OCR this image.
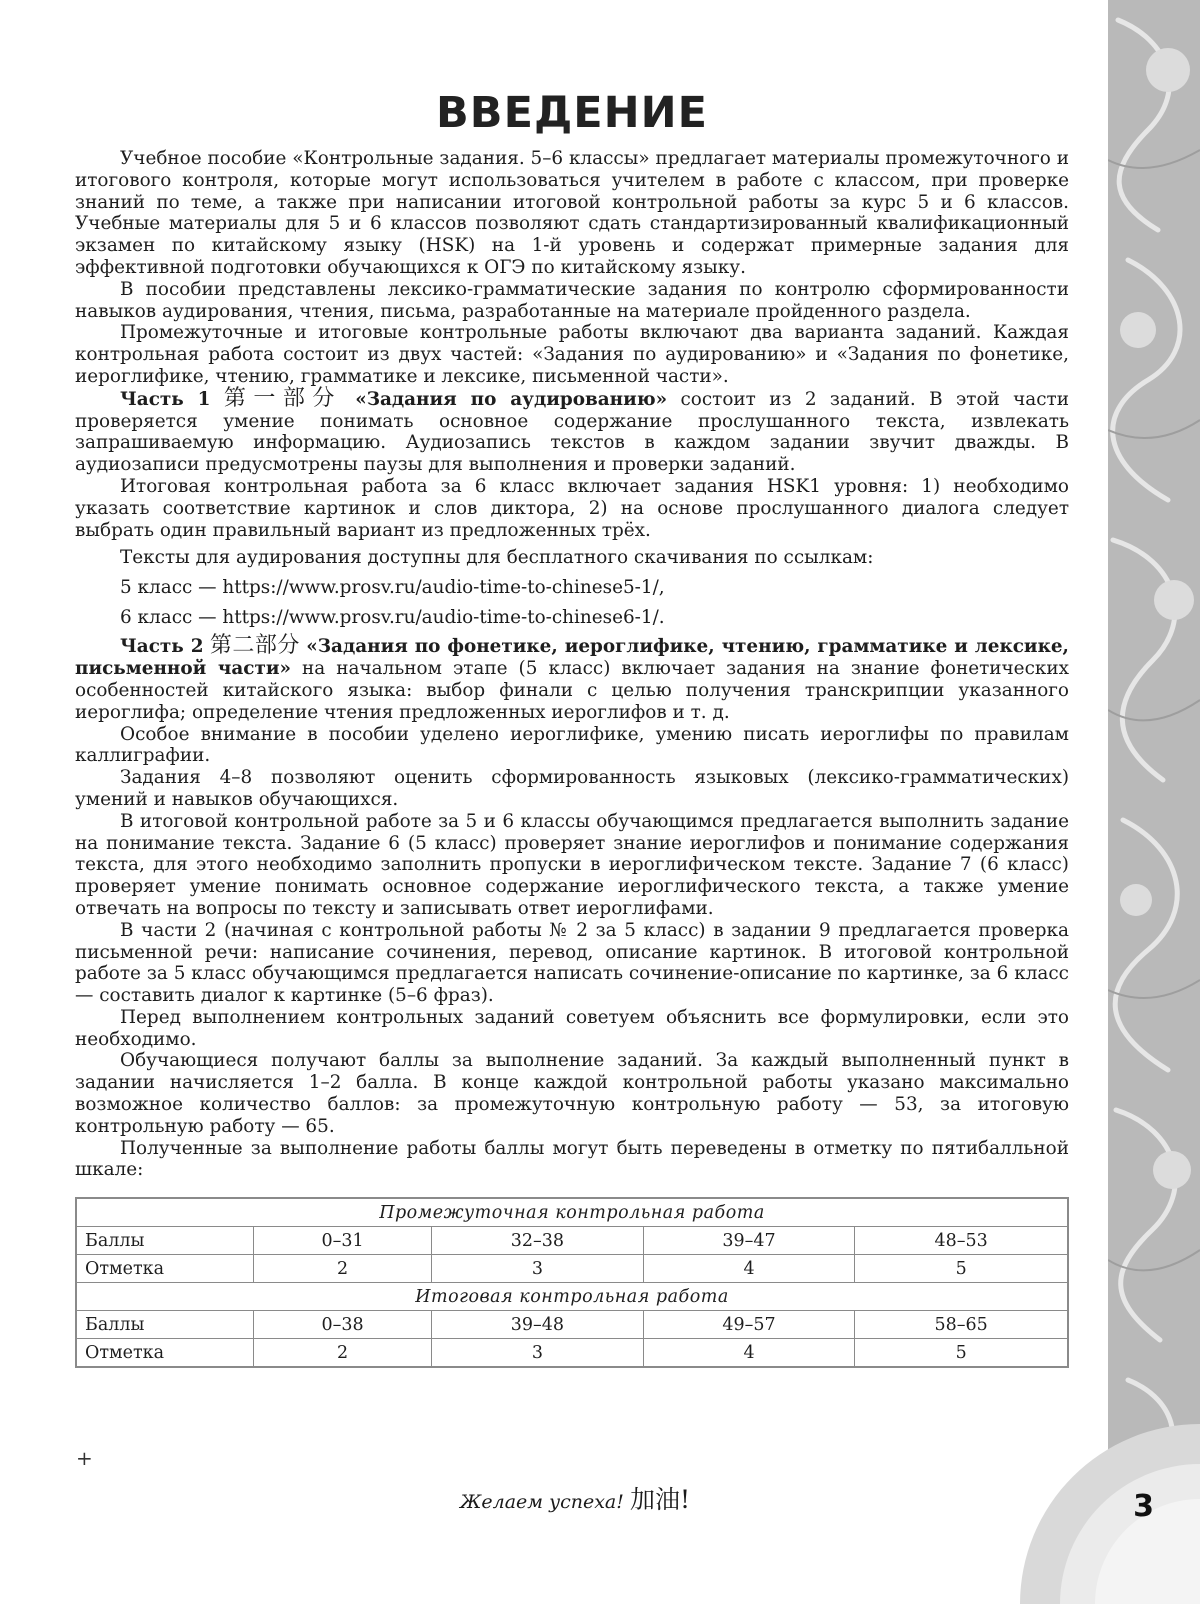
3
ВВЕДЕНИЕ

Учебное пособие «Контрольные задания. 5–6 классы» предлагает материалы промежуточного и итогового контроля, которые могут использоваться учителем в работе с классом, при проверке знаний по теме, а также при написании итоговой контрольной работы за курс 5 и 6 классов. Учебные материалы для 5 и 6 классов позволяют сдать стандартизированный квалификационный экзамен по китайскому языку (HSK) на 1-й уровень и содержат примерные задания для эффективной подготовки обучающихся к ОГЭ по китайскому языку.

В пособии представлены лексико-грамматические задания по контролю сформированности навыков аудирования, чтения, письма, разработанные на материале пройденного раздела.

Промежуточные и итоговые контрольные работы включают два варианта заданий. Каждая контрольная работа состоит из двух частей: «Задания по аудированию» и «Задания по фонетике, иероглифике, чтению, грамматике и лексике, письменной части».

Часть 1 第一部分 «Задания по аудированию» состоит из 2 заданий. В этой части проверяется умение понимать основное содержание прослушанного текста, извлекать запрашиваемую информацию. Аудиозапись текстов в каждом задании звучит дважды. В аудиозаписи предусмотрены паузы для выполнения и проверки заданий.

Итоговая контрольная работа за 6 класс включает задания HSK1 уровня: 1) необходимо указать соответствие картинок и слов диктора, 2) на основе прослушанного диалога следует выбрать один правильный вариант из предложенных трёх.

Тексты для аудирования доступны для бесплатного скачивания по ссылкам:

5 класс — https://www.prosv.ru/audio-time-to-chinese5-1/,

6 класс — https://www.prosv.ru/audio-time-to-chinese6-1/.

Часть 2 第二部分 «Задания по фонетике, иероглифике, чтению, грамматике и лексике, письменной части» на начальном этапе (5 класс) включает задания на знание фонетических особенностей китайского языка: выбор финали с целью получения транскрипции указанного иероглифа; определение чтения предложенных иероглифов и т. д.

Особое внимание в пособии уделено иероглифике, умению писать иероглифы по правилам каллиграфии.

Задания 4–8 позволяют оценить сформированность языковых (лексико-грамматических) умений и навыков обучающихся.

В итоговой контрольной работе за 5 и 6 классы обучающимся предлагается выполнить задание на понимание текста. Задание 6 (5 класс) проверяет знание иероглифов и понимание содержания текста, для этого необходимо заполнить пропуски в иероглифическом тексте. Задание 7 (6 класс) проверяет умение понимать основное содержание иероглифического текста, а также умение отвечать на вопросы по тексту и записывать ответ иероглифами.

В части 2 (начиная с контрольной работы № 2 за 5 класс) в задании 9 предлагается проверка письменной речи: написание сочинения, перевод, описание картинок. В итоговой контрольной работе за 5 класс обучающимся предлагается написать сочинение-описание по картинке, за 6 класс — составить диалог к картинке (5–6 фраз).

Перед выполнением контрольных заданий советуем объяснить все формулировки, если это необходимо.

Обучающиеся получают баллы за выполнение заданий. За каждый выполненный пункт в задании начисляется 1–2 балла. В конце каждой контрольной работы указано максимально возможное количество баллов: за промежуточную контрольную работу — 53, за итоговую контрольную работу — 65.

Полученные за выполнение работы баллы могут быть переведены в отметку по пятибалльной шкале:

Промежуточная контрольная работа				
Баллы	0–31	32–38	39–47	48–53
Отметка	2	3	4	5
Итоговая контрольная работа				
Баллы	0–38	39–48	49–57	58–65
Отметка	2	3	4	5
+
Желаем успеха! 加油!
